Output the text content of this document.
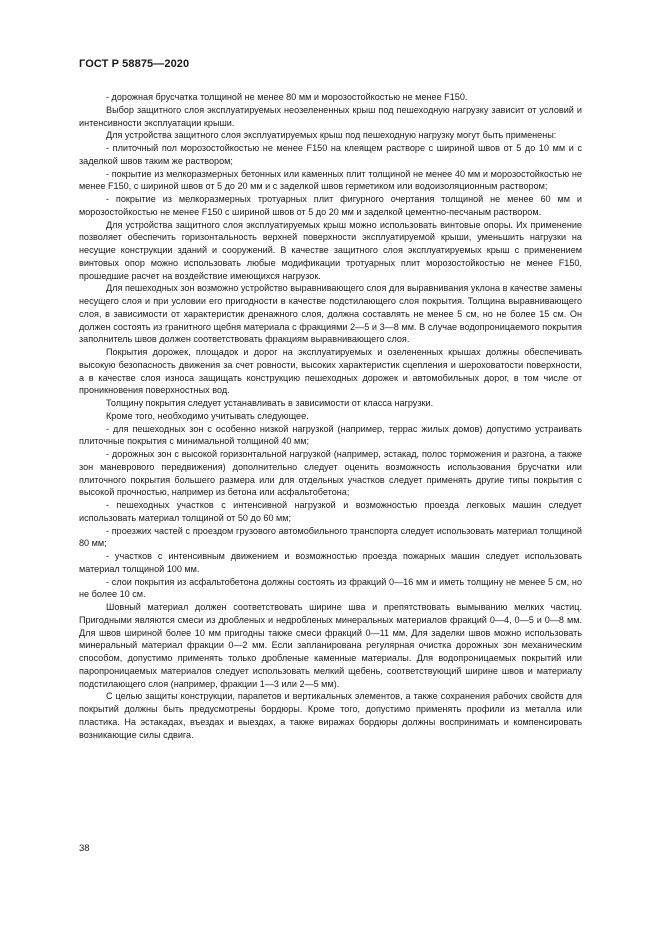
ГОСТ Р 58875—2020

- дорожная брусчатка толщиной не менее 80 мм и морозостойкостью не менее F150.

Выбор защитного слоя эксплуатируемых неозелененных крыш под пешеходную нагрузку зависит от условий и интенсивности эксплуатации крыши.

Для устройства защитного слоя эксплуатируемых крыш под пешеходную нагрузку могут быть применены:

- плиточный пол морозостойкостью не менее F150 на клеящем растворе с шириной швов от 5 до 10 мм и с заделкой швов таким же раствором;

- покрытие из мелкоразмерных бетонных или каменных плит толщиной не менее 40 мм и морозостойкостью не менее F150, с шириной швов от 5 до 20 мм и с заделкой швов герметиком или водоизоляционным раствором;

- покрытие из мелкоразмерных тротуарных плит фигурного очертания толщиной не менее 60 мм и морозостойкостью не менее F150 с шириной швов от 5 до 20 мм и заделкой цементно-песчаным раствором.

Для устройства защитного слоя эксплуатируемых крыш можно использовать винтовые опоры. Их применение позволяет обеспечить горизонтальность верхней поверхности эксплуатируемой крыши, уменьшить нагрузки на несущие конструкции зданий и сооружений. В качестве защитного слоя эксплуатируемых крыш с применением винтовых опор можно использовать любые модификации тротуарных плит морозостойкостью не менее F150, прошедшие расчет на воздействие имеющихся нагрузок.

Для пешеходных зон возможно устройство выравнивающего слоя для выравнивания уклона в качестве замены несущего слоя и при условии его пригодности в качестве подстилающего слоя покрытия. Толщина выравнивающего слоя, в зависимости от характеристик дренажного слоя, должна составлять не менее 5 см, но не более 15 см. Он должен состоять из гранитного щебня материала с фракциями 2—5 и 3—8 мм. В случае водопроницаемого покрытия заполнитель швов должен соответствовать фракциям выравнивающего слоя.

Покрытия дорожек, площадок и дорог на эксплуатируемых и озелененных крышах должны обеспечивать высокую безопасность движения за счет ровности, высоких характеристик сцепления и шероховатости поверхности, а в качестве слоя износа защищать конструкцию пешеходных дорожек и автомобильных дорог, в том числе от проникновения поверхностных вод.

Толщину покрытия следует устанавливать в зависимости от класса нагрузки.

Кроме того, необходимо учитывать следующее.

- для пешеходных зон с особенно низкой нагрузкой (например, террас жилых домов) допустимо устраивать плиточные покрытия с минимальной толщиной 40 мм;

- дорожных зон с высокой горизонтальной нагрузкой (например, эстакад, полос торможения и разгона, а также зон маневрового передвижения) дополнительно следует оценить возможность использования брусчатки или плиточного покрытия большего размера или для отдельных участков следует применять другие типы покрытия с высокой прочностью, например из бетона или асфальтобетона;

- пешеходных участков с интенсивной нагрузкой и возможностью проезда легковых машин следует использовать материал толщиной от 50 до 60 мм;

- проезжих частей с проездом грузового автомобильного транспорта следует использовать материал толщиной 80 мм;

- участков с интенсивным движением и возможностью проезда пожарных машин следует использовать материал толщиной 100 мм.

- слои покрытия из асфальтобетона должны состоять из фракций 0—16 мм и иметь толщину не менее 5 см, но не более 10 см.

Шовный материал должен соответствовать ширине шва и препятствовать вымыванию мелких частиц. Пригодными являются смеси из дробленых и недробленых минеральных материалов фракций 0—4, 0—5 и 0—8 мм. Для швов шириной более 10 мм пригодны также смеси фракций 0—11 мм. Для заделки швов можно использовать минеральный материал фракции 0—2 мм. Если запланирована регулярная очистка дорожных зон механическим способом, допустимо применять только дробленые каменные материалы. Для водопроницаемых покрытий или паропроницаемых материалов следует использовать мелкий щебень, соответствующий ширине швов и материалу подстилающего слоя (например, фракции 1—3 или 2—5 мм).

С целью защиты конструкции, парапетов и вертикальных элементов, а также сохранения рабочих свойств для покрытий должны быть предусмотрены бордюры. Кроме того, допустимо применять профили из металла или пластика. На эстакадах, въездах и выездах, а также виражах бордюры должны воспринимать и компенсировать возникающие силы сдвига.

38
